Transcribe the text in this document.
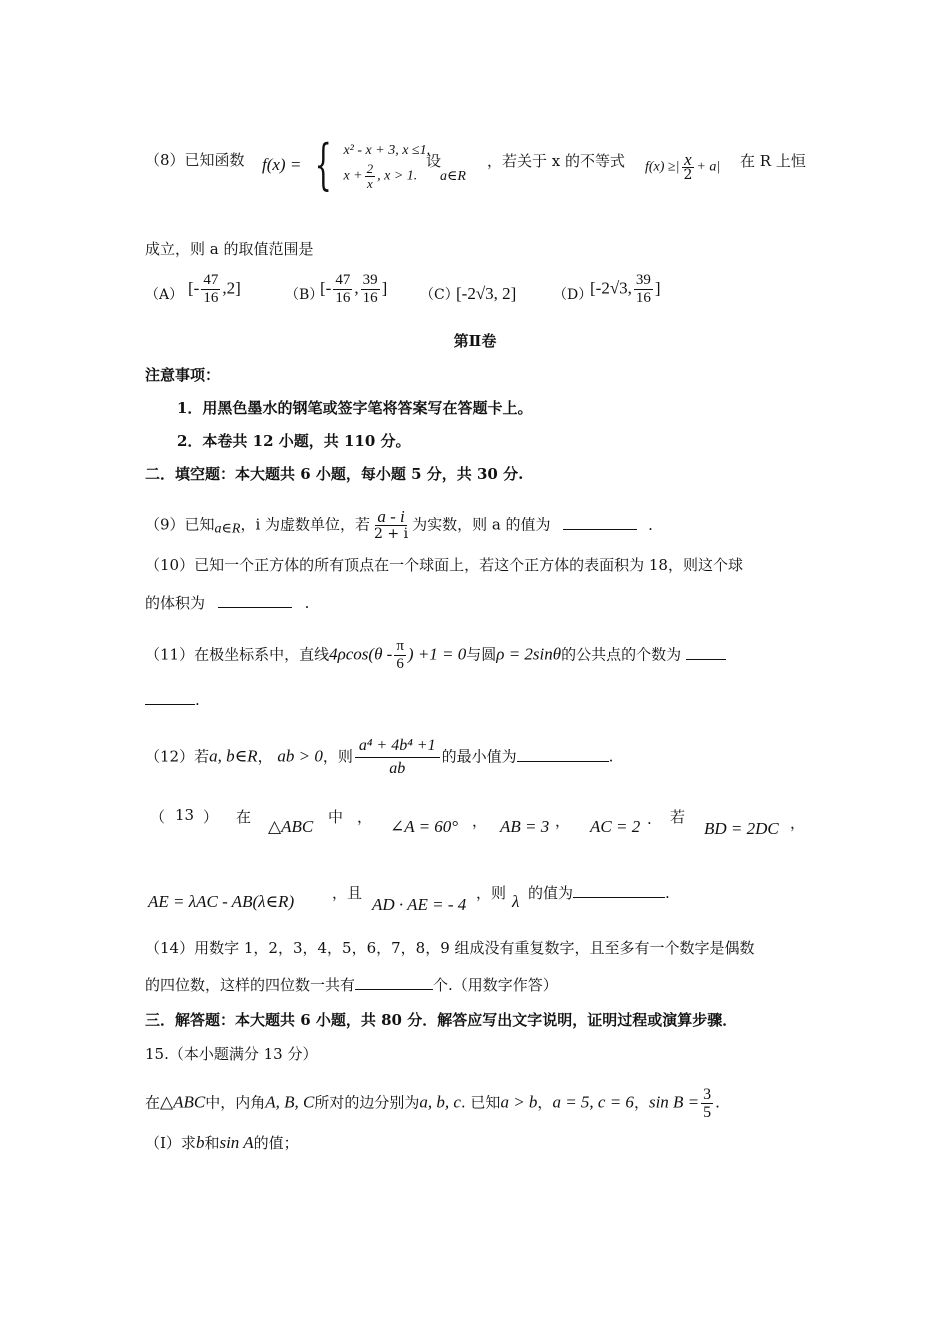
（8）已知函数 f(x) = { x² - x + 3, x ≤1,
$x + \frac{2}{x}$ , x > 1.
设
a∈R
，若关于 x 的不等式 f(x) ≥| $\frac{x}{2} + a|$ 在 R 上恒
成立，则 a 的取值范围是
（A） [- $\frac{47}{16} ,2$]	（B）
[- $\frac{47}{16}$ , $\frac{39}{16}$ ] （C）
[-2√3, 2]	（D）
[-2√3, $\frac{39}{16}$ ]
第Ⅱ卷
注意事项：
1．用黑色墨水的钢笔或签字笔将答案写在答题卡上。
2．本卷共 12 小题，共 110 分。
二．填空题：本大题共 6 小题，每小题 5 分，共 30 分.
（9）已知a∈R，i 为虚数单位，若 $\frac{a - i}{2 + i}$ 为实数，则 a 的值为	.
（10）已知一个正方体的所有顶点在一个球面上，若这个正方体的表面积为 18，则这个球
的体积为	.
（11）在极坐标系中，直线$4\rho\cos(\theta - \frac{\pi}{6}$ ) +1 = 0与圆ρ = 2sinθ的公共点的个数为
.
（12）若a, b∈R， ab > 0，则 $\frac{\text{a⁴ + 4b⁴ +1}}{ab}$ 的最小值为	.
（ 13 ） 在 △ABC 中 ， ∠A = 60° ， AB = 3 ， AC = 2 . 若
BD = 2DC ，
AE = λAC - AB(λ∈R)	，且
AD · AE = - 4
，则 λ 的值为	.
（14）用数字 1，2，3，4，5，6，7，8，9 组成没有重复数字，且至多有一个数字是偶数
的四位数，这样的四位数一共有	个.（用数字作答）
三．解答题：本大题共 6 小题，共 80 分．解答应写出文字说明，证明过程或演算步骤．
15.（本小题满分 13 分）
在△ABC中，内角A, B, C所对的边分别为a, b, c. 已知a > b，a = 5, c = 6，$\sin B = \frac{3}{5}$ .
（Ⅰ）求b和sin A的值；
